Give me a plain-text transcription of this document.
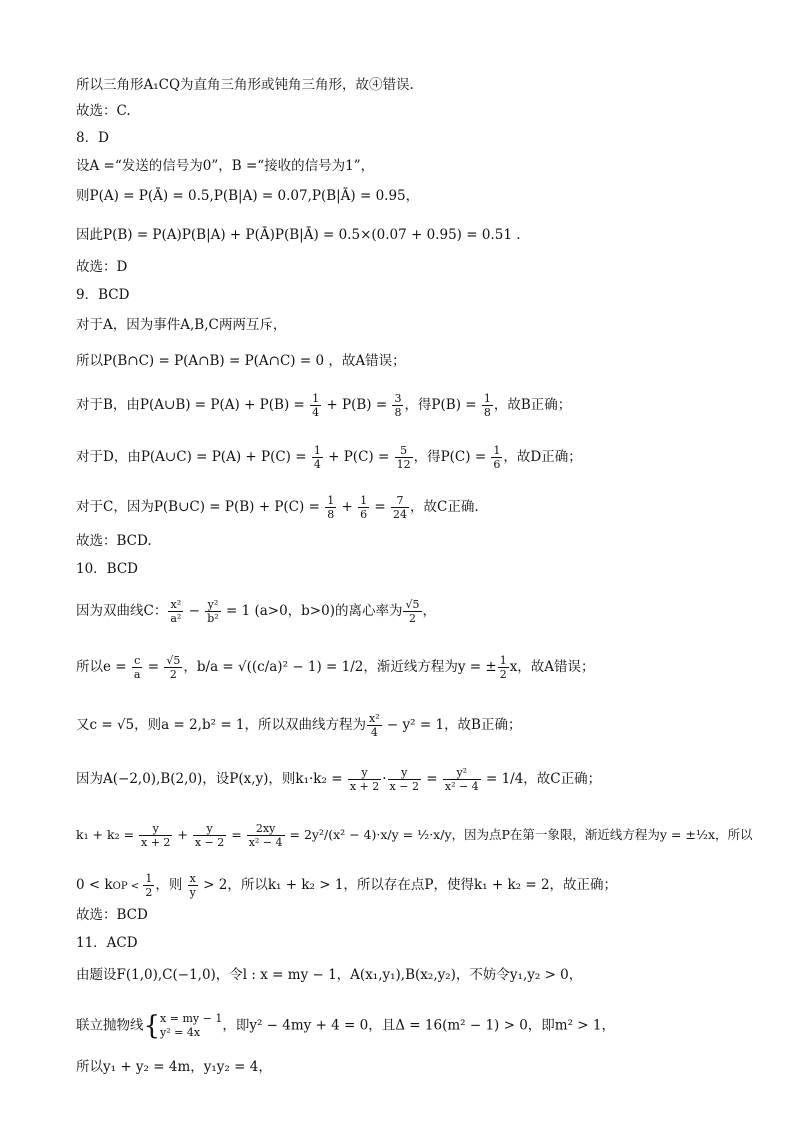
所以三角形A₁CQ为直角三角形或钝角三角形，故④错误.
故选：C.
8．D
设A =“发送的信号为0”，B =“接收的信号为1”，
则P(A) = P(Ā) = 0.5,P(B|A) = 0.07,P(B|Ā) = 0.95，
因此P(B) = P(A)P(B|A) + P(Ā)P(B|Ā) = 0.5×(0.07 + 0.95) = 0.51 .
故选：D
9．BCD
对于A，因为事件A,B,C两两互斥，
所以P(B∩C) = P(A∩B) = P(A∩C) = 0 ，故A错误；
对于B，由P(A∪B) = $P(A) + P(B) = \frac{1}{4} + P(B) = \frac{3}{8}$ ，得$P(B) = \frac{1}{8}$ ，故B正确；
对于D，由P(A∪C) = $P(A) + P(C) = \frac{1}{4} + P(C) = \frac{5}{12}$ ，得$P(C) = \frac{1}{6}$ ，故D正确；
对于C，因为P(B∪C) = $P(B) + P(C) = \frac{1}{8} + \frac{1}{6} = \frac{7}{24}$ ，故C正确.
故选：BCD.
10．BCD
因为双曲线C： $\frac{\text{x²}}{\text{a²}} - \frac{\text{y²}}{\text{b²}} = 1$ (a>0，b>0)的离心率为 $\frac{√5}{2}$ ，
所以$e = \frac{c}{a} = \frac{√5}{2}$ ，b/a = √((c/a)² − 1) = 1/2，渐近线方程为y = ± $\frac{1}{2}$ x，故A错误；
又c = √5，则a = 2,b² = 1，所以双曲线方程为 $\frac{\text{x²}}{4} - y^2 = 1$，故B正确；
因为A(−2,0),B(2,0)，设P(x,y)，则$k_1\cdot k_2 = \frac{y}{x + 2} \cdot \frac{y}{x - 2} = \frac{\text{y²}}{\text{x² − 4}} = 1/4$，故C正确；
$k_1 + k_2 = \frac{y}{x + 2} + \frac{y}{x - 2} = \frac{2xy}{\text{x² − 4}} = 2y^2/(x^2 - 4)\cdot x/y$ = ½·x/y，因为点P在第一象限，渐近线方程为y = ±½x，所以
0 < kOP < $\frac{1}{2}$ ，则 $\frac{x}{y} > 2$，所以k₁ + k₂ > 1，所以存在点P，使得k₁ + k₂ = 2，故正确；
故选：BCD
11．ACD
由题设F(1,0),C(−1,0)，令l : x = my − 1，A(x₁,y₁),B(x₂,y₂)，不妨令y₁,y₂ > 0，
联立抛物线{x = my − 1
y² = 4x ，即y² − 4my + 4 = 0，且Δ = 16(m² − 1) > 0，即m² > 1，
所以y₁ + y₂ = 4m，y₁y₂ = 4，
